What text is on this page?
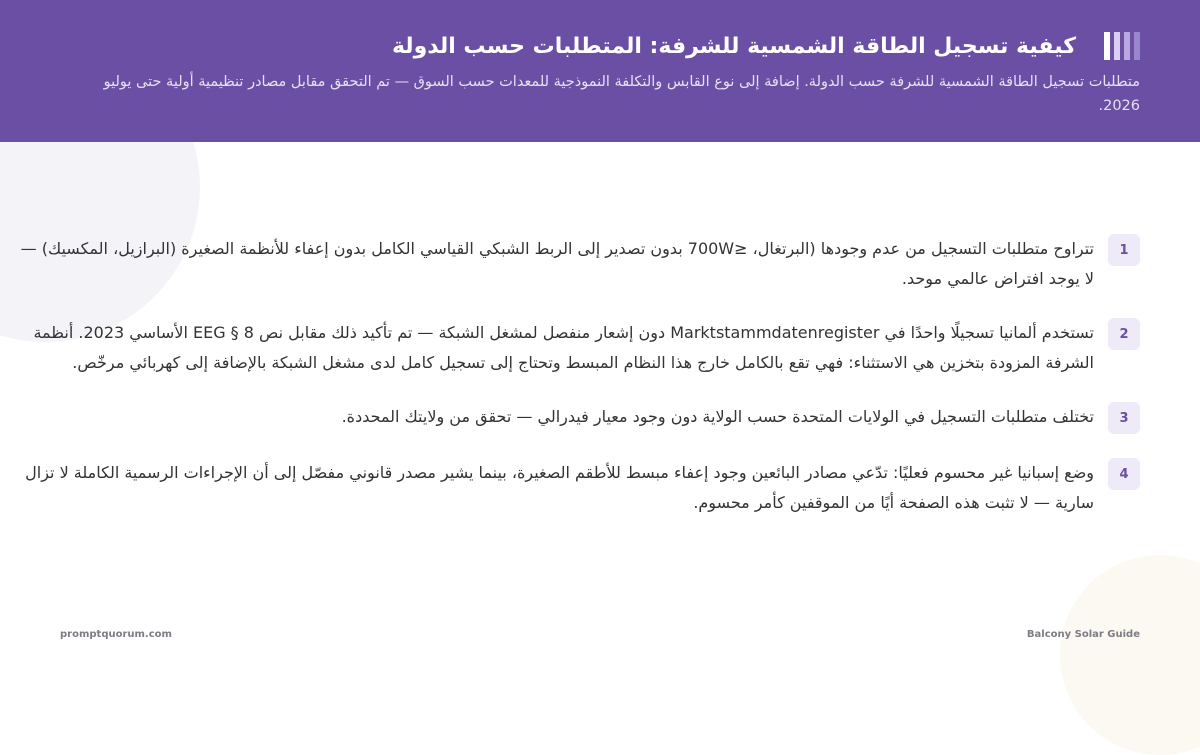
كيفية تسجيل الطاقة الشمسية للشرفة: المتطلبات حسب الدولة

متطلبات تسجيل الطاقة الشمسية للشرفة حسب الدولة. إضافة إلى نوع القابس والتكلفة النموذجية للمعدات حسب السوق — تم التحقق مقابل مصادر تنظيمية أولية حتى يوليو 2026.

1

تتراوح متطلبات التسجيل من عدم وجودها (البرتغال، ≤700W بدون تصدير إلى الربط الشبكي القياسي الكامل بدون إعفاء للأنظمة الصغيرة (البرازيل، المكسيك) — لا يوجد افتراض عالمي موحد.

2

تستخدم ألمانيا تسجيلًا واحدًا في Marktstammdatenregister دون إشعار منفصل لمشغل الشبكة — تم تأكيد ذلك مقابل نص EEG § 8 الأساسي 2023. أنظمة الشرفة المزودة بتخزين هي الاستثناء: فهي تقع بالكامل خارج هذا النظام المبسط وتحتاج إلى تسجيل كامل لدى مشغل الشبكة بالإضافة إلى كهربائي مرخّص.

3

تختلف متطلبات التسجيل في الولايات المتحدة حسب الولاية دون وجود معيار فيدرالي — تحقق من ولايتك المحددة.

4

وضع إسبانيا غير محسوم فعليًا: تدّعي مصادر البائعين وجود إعفاء مبسط للأطقم الصغيرة، بينما يشير مصدر قانوني مفصّل إلى أن الإجراءات الرسمية الكاملة لا تزال سارية — لا تثبت هذه الصفحة أيًا من الموقفين كأمر محسوم.

promptquorum.com	Balcony Solar Guide
